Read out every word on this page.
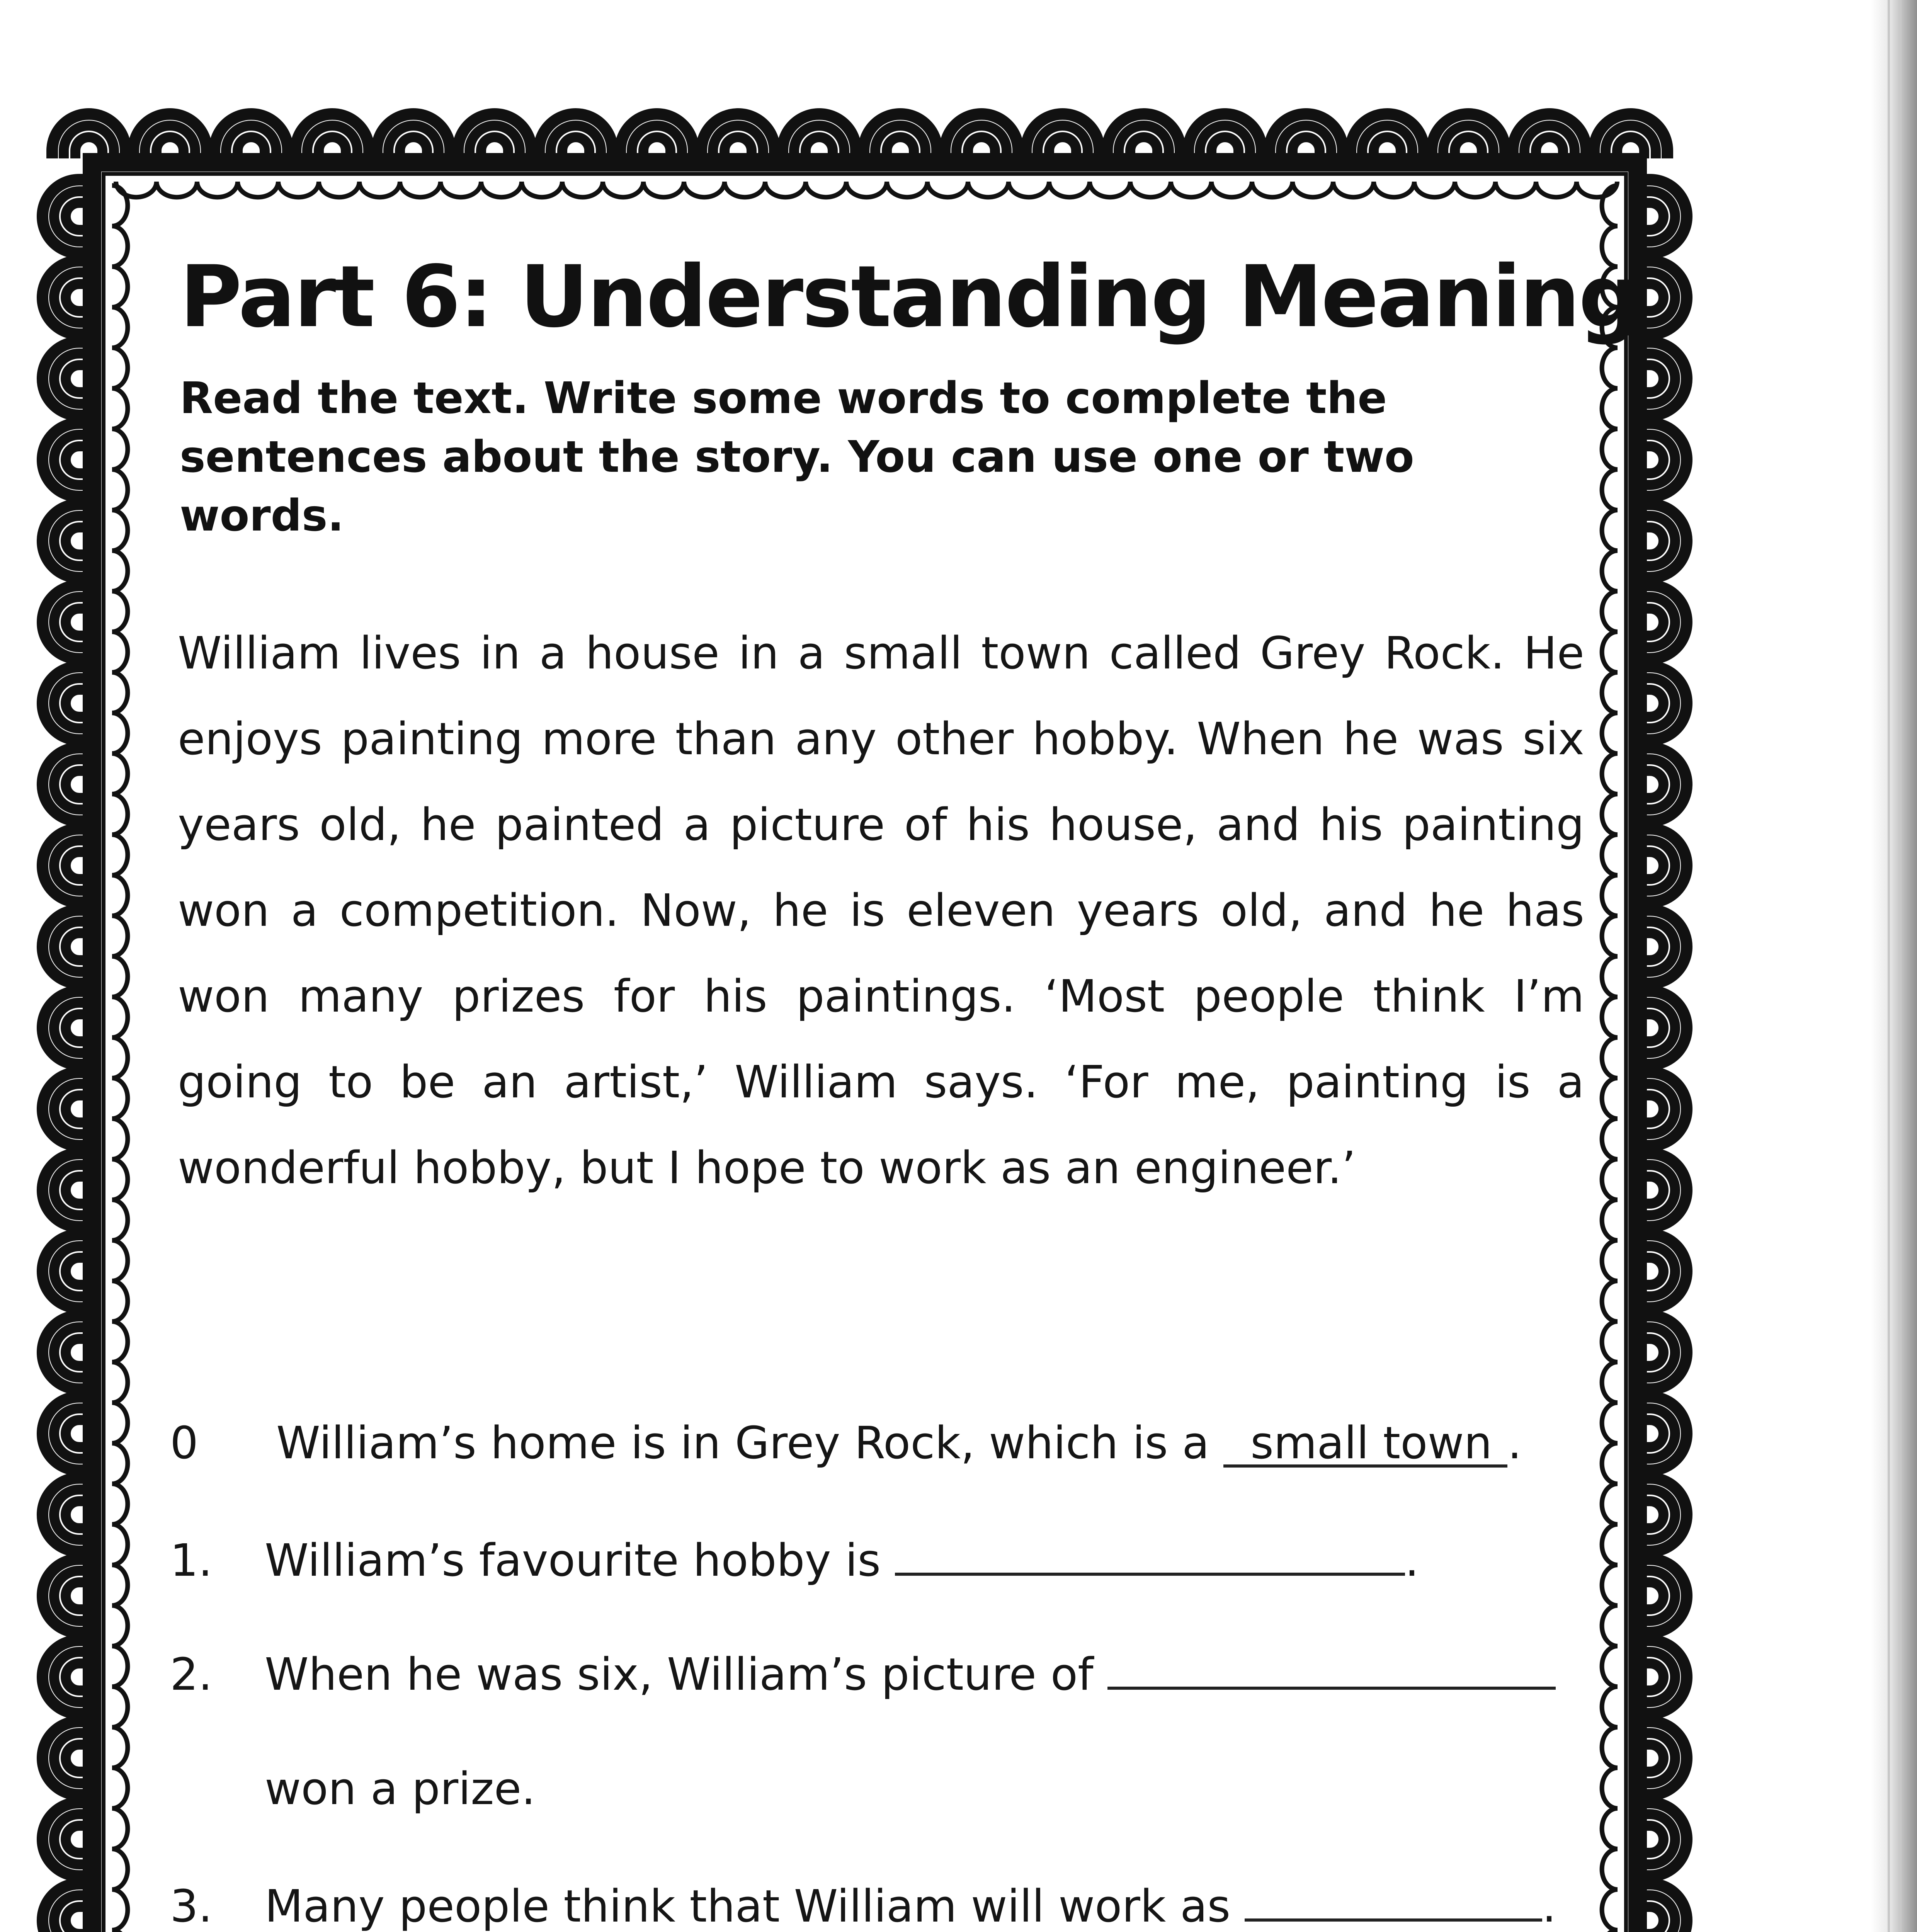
Part 6: Understanding Meaning

Read the text. Write some words to complete the sentences about the story. You can use one or two words.

William lives in a house in a small town called Grey Rock. He enjoys painting more than any other hobby. When he was six years old, he painted a picture of his house, and his painting won a competition. Now, he is eleven years old, and he has won many prizes for his paintings. ‘Most people think I’m going to be an artist,’ William says. ‘For me, painting is a wonderful hobby, but I hope to work as an engineer.’

0 William’s home is in Grey Rock, which is a small town .
1. William’s favourite hobby is	.
2. When he was six, William’s picture of
won a prize.
3. Many people think that William will work as	.
